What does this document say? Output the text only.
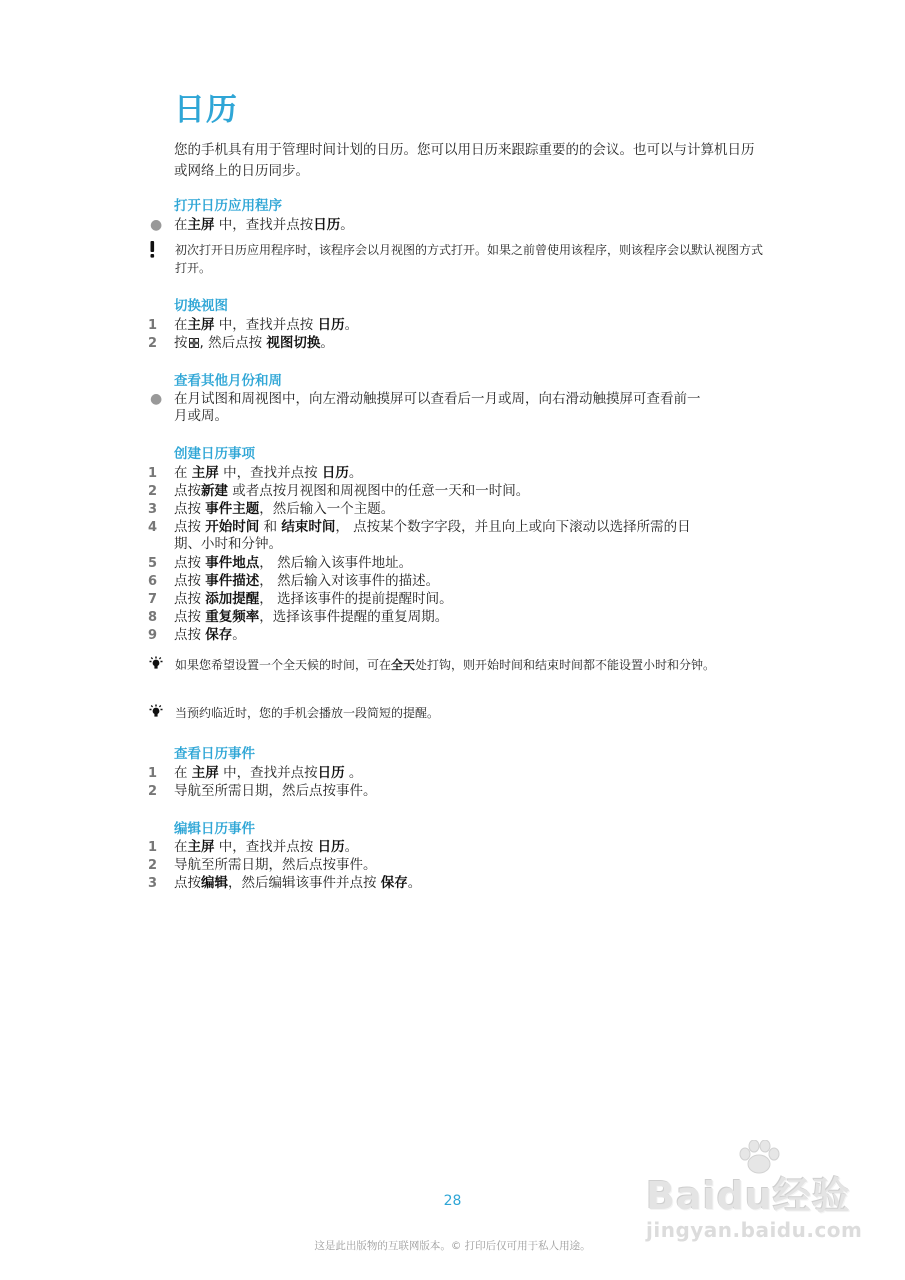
日历

您的手机具有用于管理时间计划的日历。您可以用日历来跟踪重要的的会议。也可以与计算机日历或网络上的日历同步。

打开日历应用程序
● 在主屏 中，查找并点按日历。
初次打开日历应用程序时，该程序会以月视图的方式打开。如果之前曾使用该程序，则该程序会以默认视图方式打开。
切换视图
1	在主屏 中，查找并点按 日历。
2	按 , 然后点按 视图切换。
查看其他月份和周
● 在月试图和周视图中，向左滑动触摸屏可以查看后一月或周，向右滑动触摸屏可查看前一月或周。
创建日历事项
1	在 主屏 中，查找并点按 日历。
2	点按新建 或者点按月视图和周视图中的任意一天和一时间。
3	点按 事件主题，然后输入一个主题。
4	点按 开始时间 和 结束时间， 点按某个数字字段，并且向上或向下滚动以选择所需的日期、小时和分钟。
5	点按 事件地点， 然后输入该事件地址。
6	点按 事件描述， 然后输入对该事件的描述。
7	点按 添加提醒， 选择该事件的提前提醒时间。
8	点按 重复频率，选择该事件提醒的重复周期。
9	点按 保存。
如果您希望设置一个全天候的时间，可在全天处打钩，则开始时间和结束时间都不能设置小时和分钟。
当预约临近时，您的手机会播放一段简短的提醒。
查看日历事件
1	在 主屏 中，查找并点按日历 。
2	导航至所需日期，然后点按事件。
编辑日历事件
1	在主屏 中，查找并点按 日历。
2	导航至所需日期，然后点按事件。
3	点按编辑，然后编辑该事件并点按 保存。
Baidu经验
jingyan.baidu.com
28
这是此出版物的互联网版本。© 打印后仅可用于私人用途。
